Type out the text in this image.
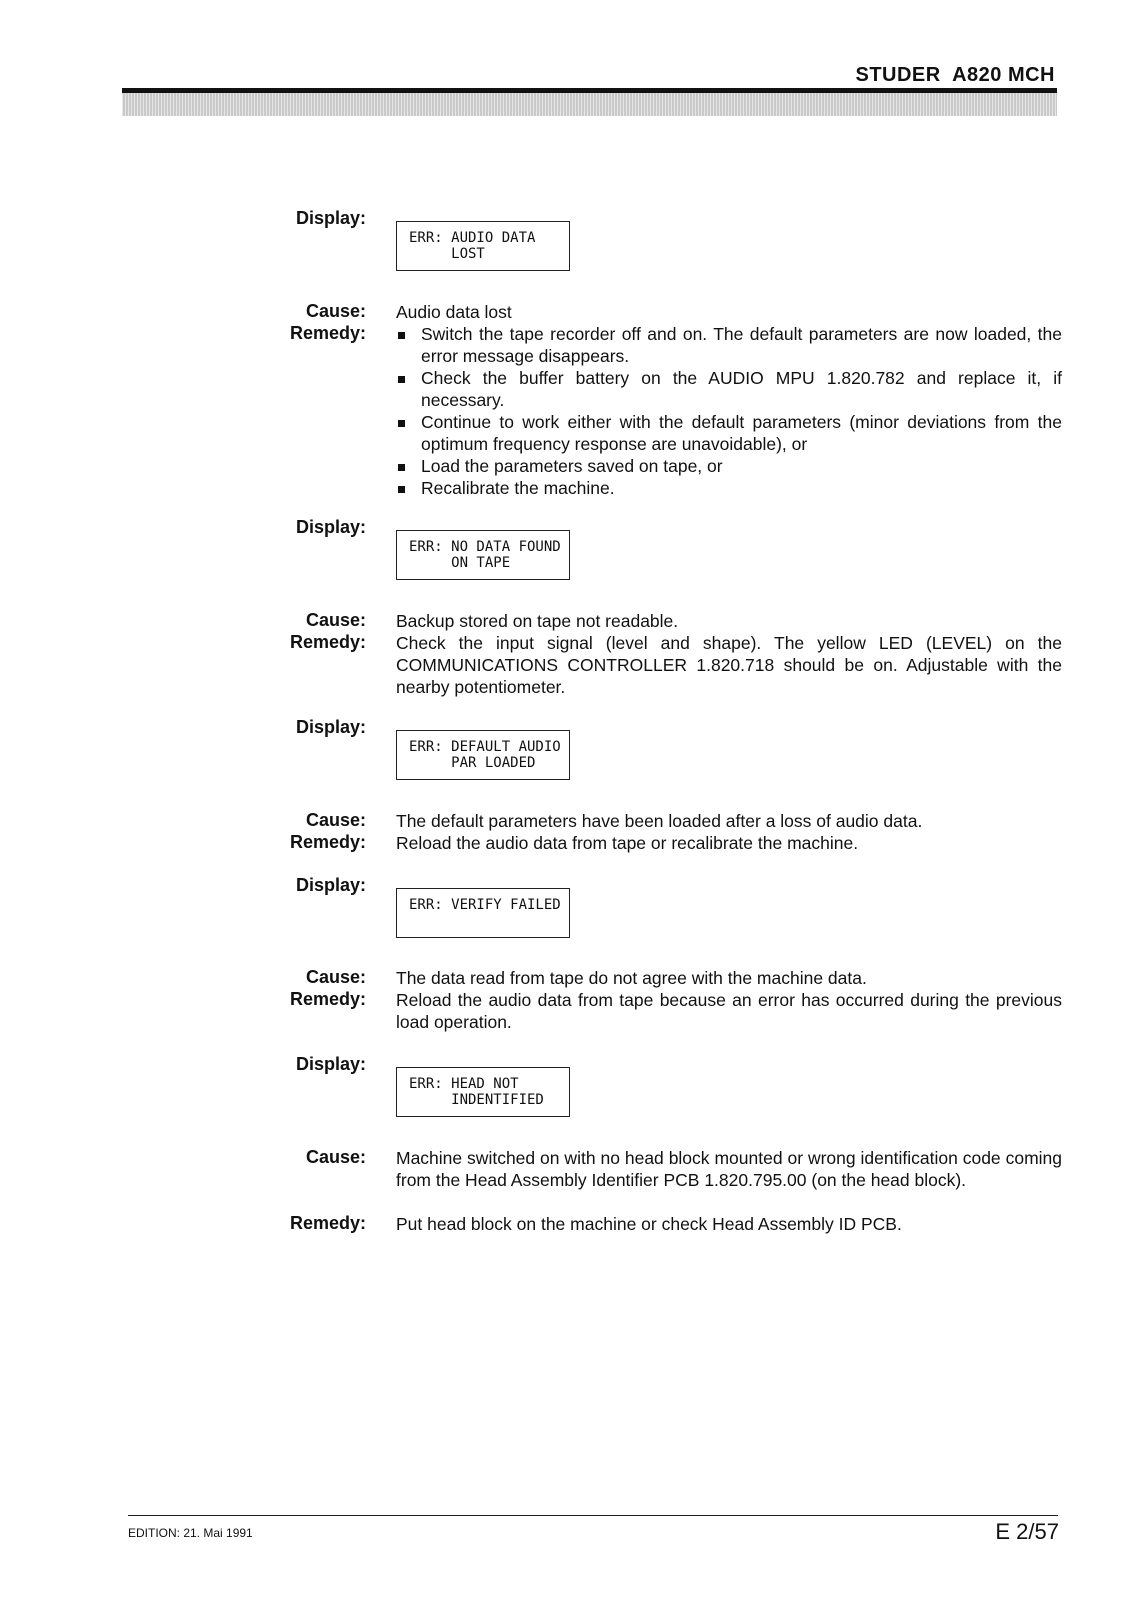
STUDER  A820 MCH
Display:
ERR: AUDIO DATA
LOST
Cause: Audio data lost
Remedy:	Switch the tape recorder off and on. The default parameters are now loaded, the error message disappears.
Check the buffer battery on the AUDIO MPU 1.820.782 and replace it, if necessary.
Continue to work either with the default parameters (minor deviations from the optimum frequency response are unavoidable), or
Load the parameters saved on tape, or
Recalibrate the machine.
Display:
ERR: NO DATA FOUND
ON TAPE
Cause: Backup stored on tape not readable.
Remedy: Check the input signal (level and shape). The yellow LED (LEVEL) on the COMMUNICATIONS CONTROLLER 1.820.718 should be on. Adjustable with the nearby potentiometer.
Display:
ERR: DEFAULT AUDIO
PAR LOADED
Cause: The default parameters have been loaded after a loss of audio data.
Remedy: Reload the audio data from tape or recalibrate the machine.
Display:
ERR: VERIFY FAILED
Cause: The data read from tape do not agree with the machine data.
Remedy: Reload the audio data from tape because an error has occurred during the previous load operation.
Display:
ERR: HEAD NOT
INDENTIFIED
Cause: Machine switched on with no head block mounted or wrong identification code coming from the Head Assembly Identifier PCB 1.820.795.00 (on the head block).
Remedy: Put head block on the machine or check Head Assembly ID PCB.
EDITION: 21. Mai 1991	E 2/57
